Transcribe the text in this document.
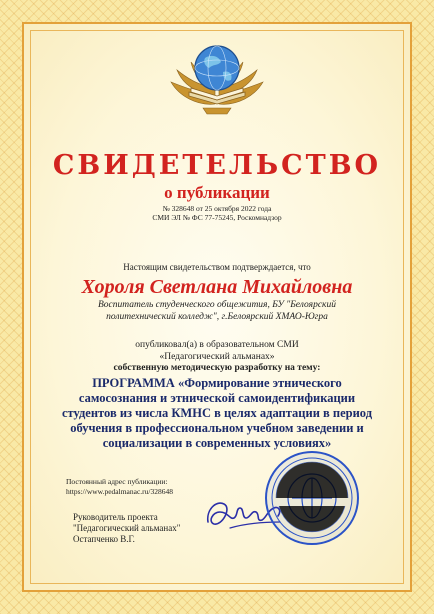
СВИДЕТЕЛЬСТВО
о публикации
№ 328648 от 25 октября 2022 года
СМИ ЭЛ № ФС 77-75245, Роскомнадзор
Настоящим свидетельством подтверждается, что
Хороля Светлана Михайловна
Воспитатель студенческого общежития, БУ "Белоярский
политехнический колледж", г.Белоярский ХМАО-Югра
опубликовал(а) в образовательном СМИ
«Педагогический альманах»
собственную методическую разработку на тему:
ПРОГРАММА «Формирование этнического самосознания и этнической самоидентификации студентов из числа КМНС в целях адаптации в период обучения в профессиональном учебном заведении и социализации в современных условиях»
Постоянный адрес публикации:
https://www.pedalmanac.ru/328648
Руководитель проекта
"Педагогический альманах"
Остапченко В.Г.
